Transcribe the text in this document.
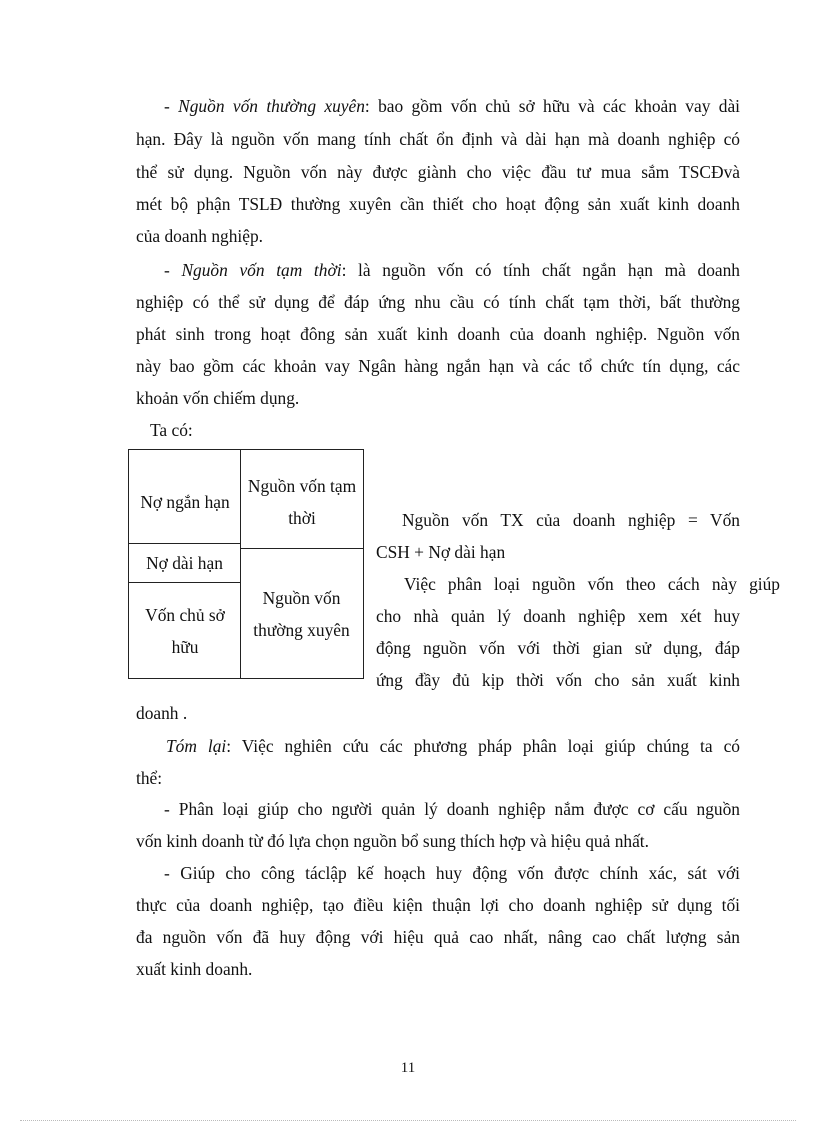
- Nguồn vốn thường xuyên: bao gồm vốn chủ sở hữu và các khoản vay dài
hạn. Đây là nguồn vốn mang tính chất ổn định và dài hạn mà doanh nghiệp có
thể sử dụng. Nguồn vốn này được giành cho việc đầu tư mua sắm TSCĐvà
mét bộ phận TSLĐ thường xuyên cần thiết cho hoạt động sản xuất kinh doanh
của doanh nghiệp.
- Nguồn vốn tạm thời: là nguồn vốn có tính chất ngắn hạn mà doanh
nghiệp có thể sử dụng để đáp ứng nhu cầu có tính chất tạm thời, bất thường
phát sinh trong hoạt đông sản xuất kinh doanh của doanh nghiệp. Nguồn vốn
này bao gồm các khoản vay Ngân hàng ngắn hạn và các tổ chức tín dụng, các
khoản vốn chiếm dụng.
Ta có:
Nợ ngắn hạn
Nợ dài hạn
Vốn chủ sở hữu
Nguồn vốn tạm thời
Nguồn vốn thường xuyên
Nguồn vốn TX của doanh nghiệp = Vốn
CSH + Nợ dài hạn
Việc phân loại nguồn vốn theo cách này giúp
cho nhà quản lý doanh nghiệp xem xét huy
động nguồn vốn với thời gian sử dụng, đáp
ứng đầy đủ kịp thời vốn cho sản xuất kinh
doanh .
Tóm lại: Việc nghiên cứu các phương pháp phân loại giúp chúng ta có
thể:
- Phân loại giúp cho người quản lý doanh nghiệp nắm được cơ cấu nguồn
vốn kinh doanh từ đó lựa chọn nguồn bổ sung thích hợp và hiệu quả nhất.
- Giúp cho công táclập kế hoạch huy động vốn được chính xác, sát với
thực của doanh nghiệp, tạo điều kiện thuận lợi cho doanh nghiệp sử dụng tối
đa nguồn vốn đã huy động với hiệu quả cao nhất, nâng cao chất lượng sản
xuất kinh doanh.
11
